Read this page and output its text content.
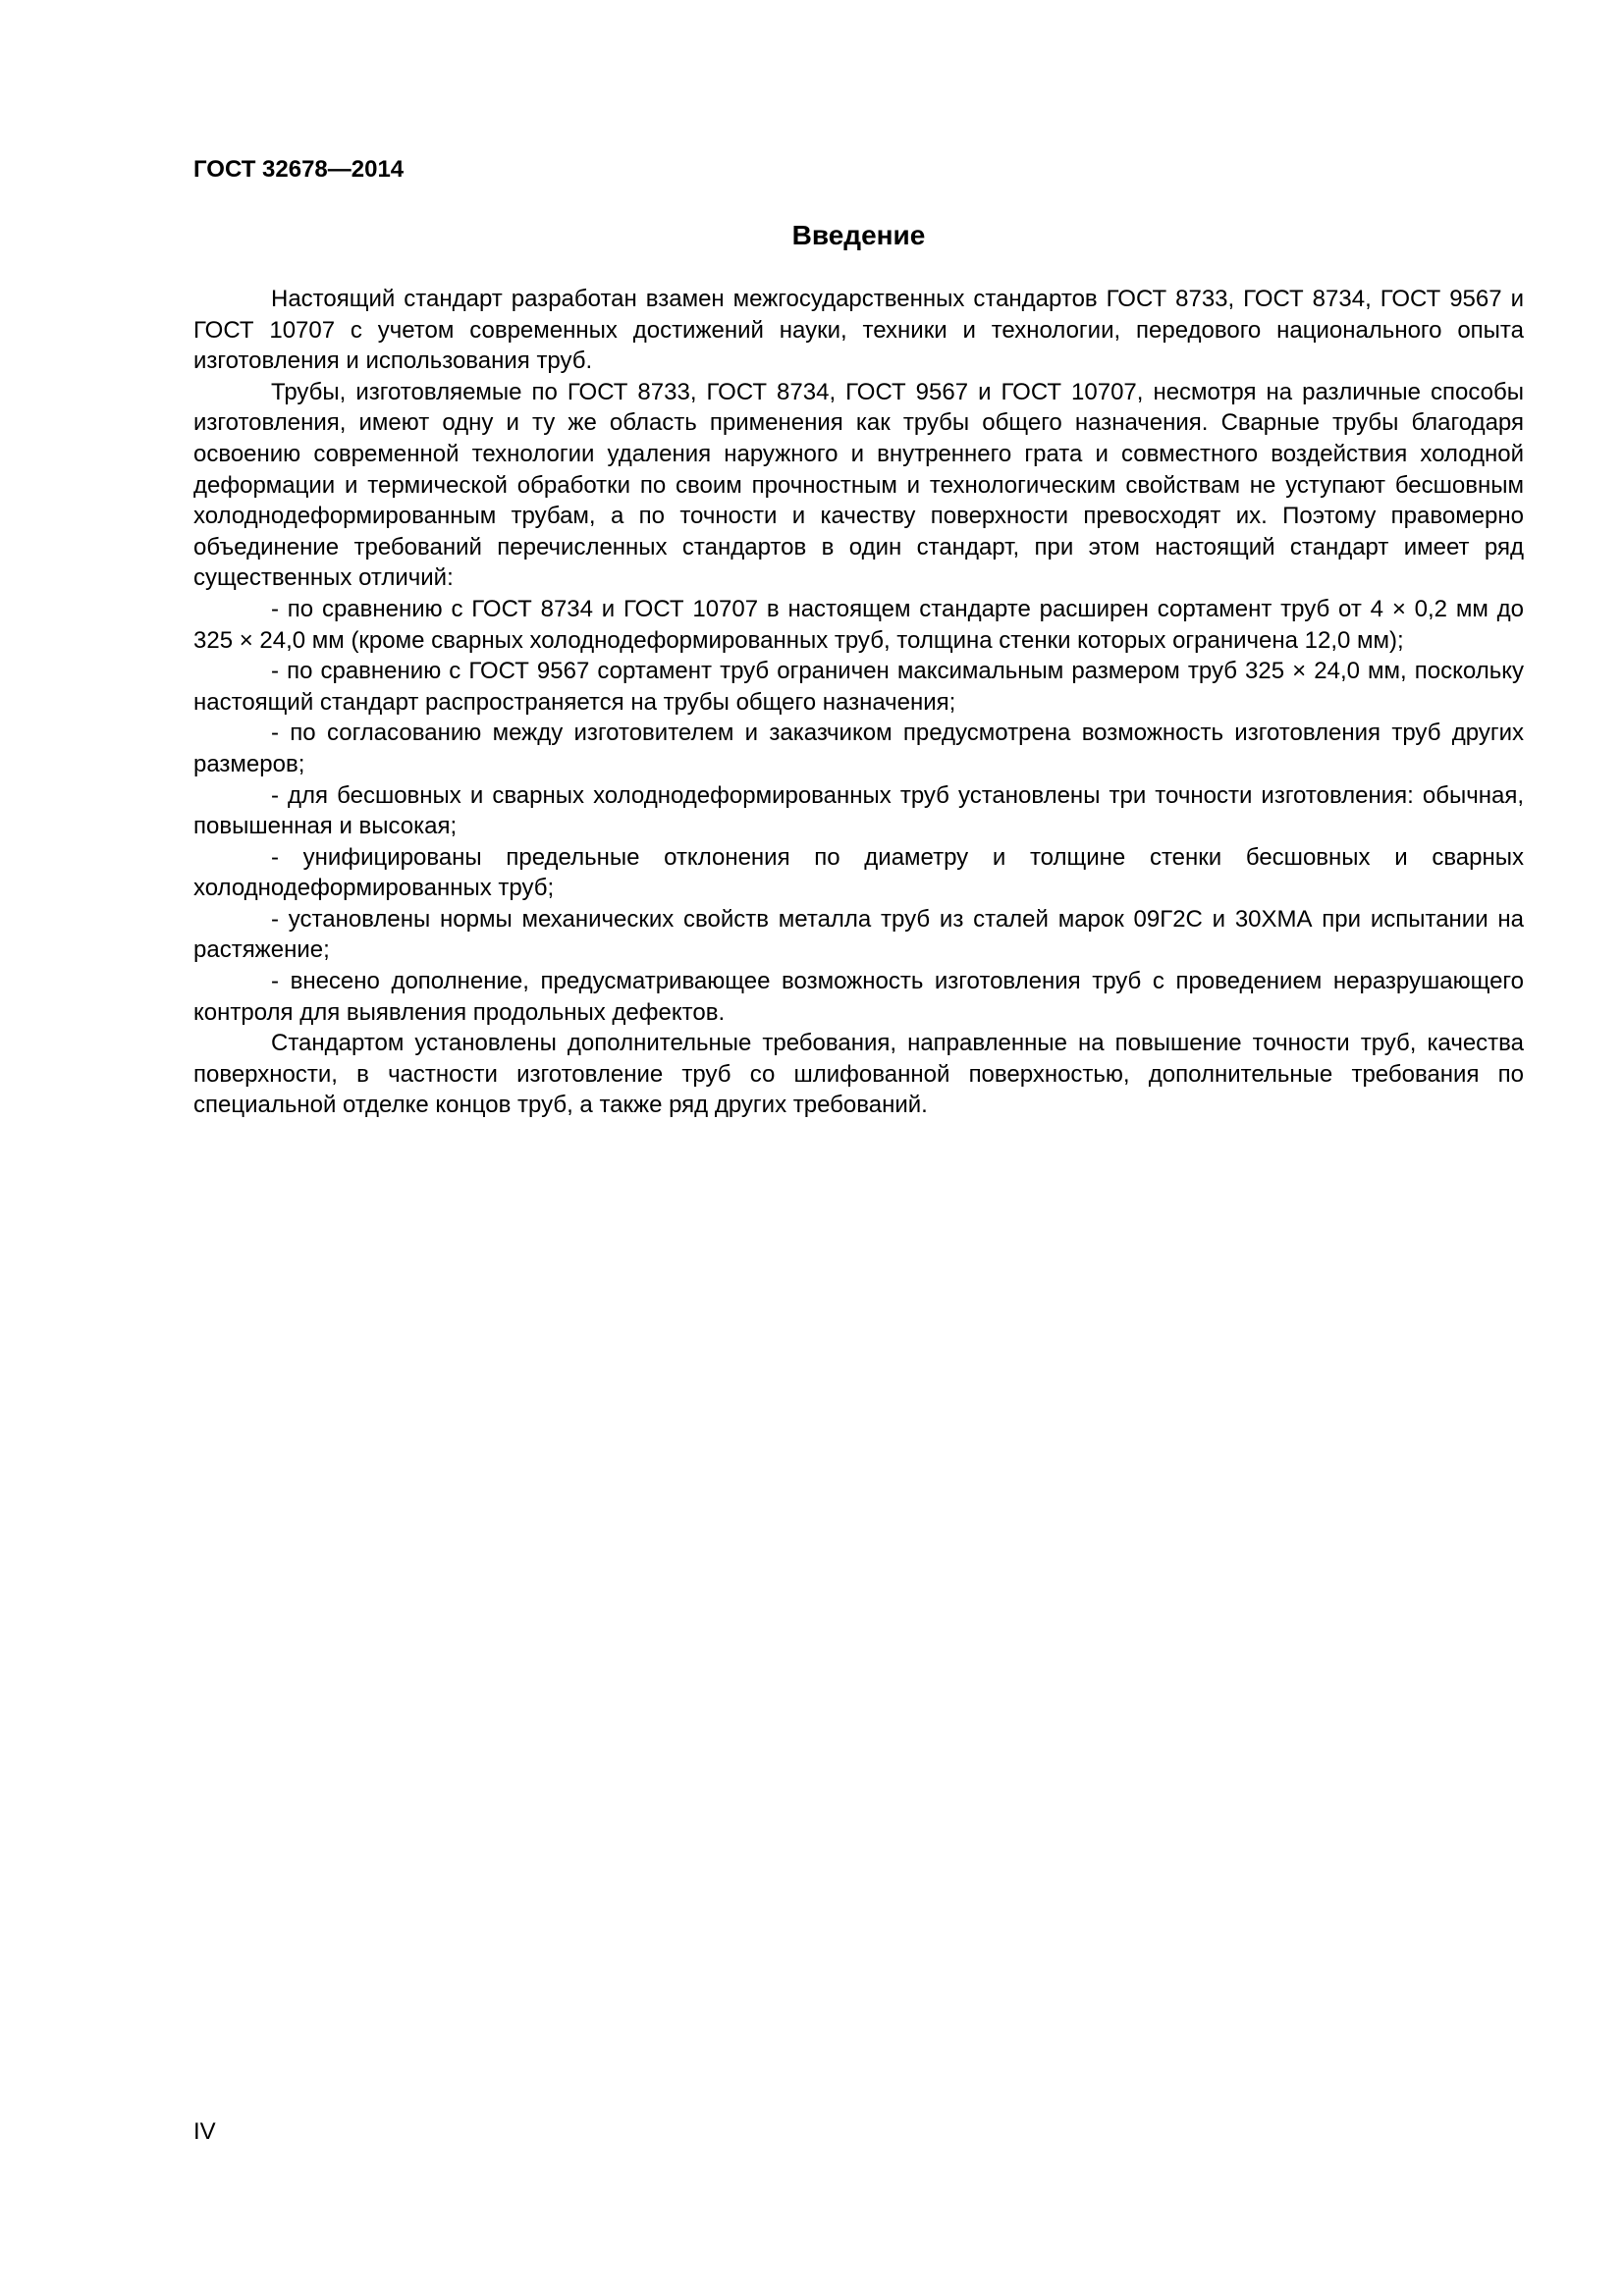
ГОСТ 32678—2014
Введение

Настоящий стандарт разработан взамен межгосударственных стандартов ГОСТ 8733, ГОСТ 8734, ГОСТ 9567 и ГОСТ 10707 с учетом современных достижений науки, техники и технологии, передового национального опыта изготовления и использования труб.

Трубы, изготовляемые по ГОСТ 8733, ГОСТ 8734, ГОСТ 9567 и ГОСТ 10707, несмотря на различные способы изготовления, имеют одну и ту же область применения как трубы общего назначения. Сварные трубы благодаря освоению современной технологии удаления наружного и внутреннего грата и совместного воздействия холодной деформации и термической обработки по своим прочностным и технологическим свойствам не уступают бесшовным холоднодеформированным трубам, а по точности и качеству поверхности превосходят их. Поэтому правомерно объединение требований перечисленных стандартов в один стандарт, при этом настоящий стандарт имеет ряд существенных отличий:

- по сравнению с ГОСТ 8734 и ГОСТ 10707 в настоящем стандарте расширен сортамент труб от 4 × 0,2 мм до 325 × 24,0 мм (кроме сварных холоднодеформированных труб, толщина стенки которых ограничена 12,0 мм);

- по сравнению с ГОСТ 9567 сортамент труб ограничен максимальным размером труб 325 × 24,0 мм, поскольку настоящий стандарт распространяется на трубы общего назначения;

- по согласованию между изготовителем и заказчиком предусмотрена возможность изготовления труб других размеров;

- для бесшовных и сварных холоднодеформированных труб установлены три точности изготовления: обычная, повышенная и высокая;

- унифицированы предельные отклонения по диаметру и толщине стенки бесшовных и сварных холоднодеформированных труб;

- установлены нормы механических свойств металла труб из сталей марок 09Г2С и 30ХМА при испытании на растяжение;

- внесено дополнение, предусматривающее возможность изготовления труб с проведением неразрушающего контроля для выявления продольных дефектов.

Стандартом установлены дополнительные требования, направленные на повышение точности труб, качества поверхности, в частности изготовление труб со шлифованной поверхностью, дополнительные требования по специальной отделке концов труб, а также ряд других требований.

IV
